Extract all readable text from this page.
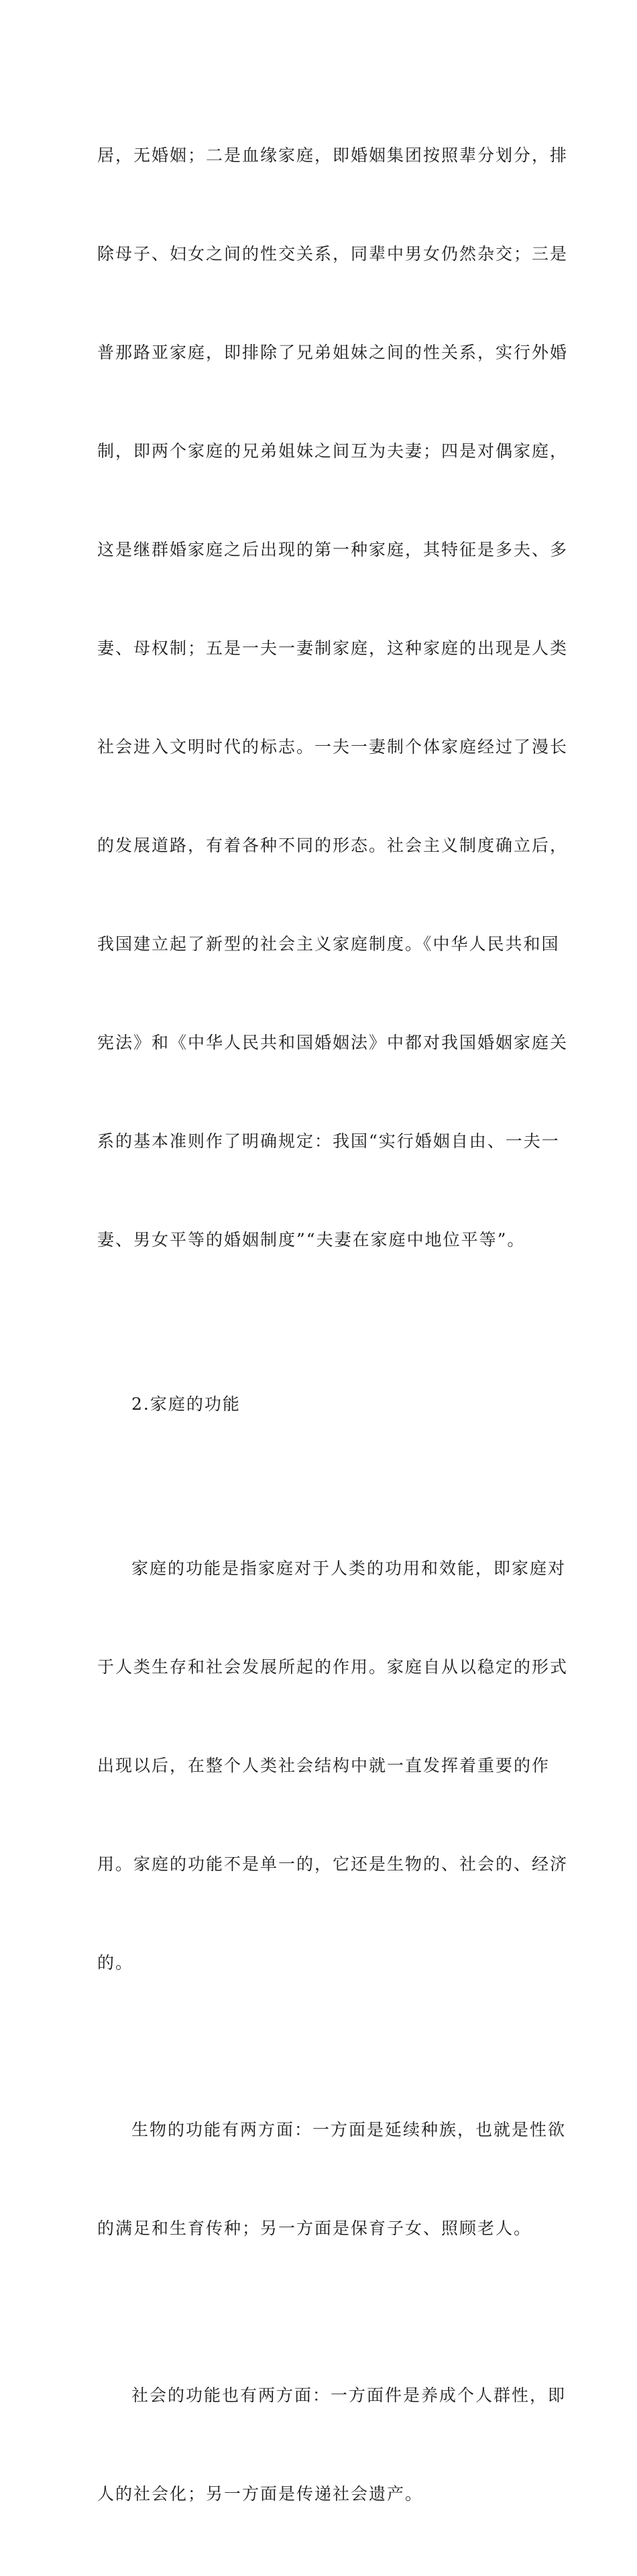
居，无婚姻；二是血缘家庭，即婚姻集团按照辈分划分，排

除母子、妇女之间的性交关系，同辈中男女仍然杂交；三是

普那路亚家庭，即排除了兄弟姐妹之间的性关系，实行外婚

制，即两个家庭的兄弟姐妹之间互为夫妻；四是对偶家庭，

这是继群婚家庭之后出现的第一种家庭，其特征是多夫、多

妻、母权制；五是一夫一妻制家庭，这种家庭的出现是人类

社会进入文明时代的标志。一夫一妻制个体家庭经过了漫长

的发展道路，有着各种不同的形态。社会主义制度确立后，

我国建立起了新型的社会主义家庭制度。《中华人民共和国

宪法》和《中华人民共和国婚姻法》中都对我国婚姻家庭关

系的基本准则作了明确规定：我国“实行婚姻自由、一夫一

妻、男女平等的婚姻制度”“夫妻在家庭中地位平等”。

2.家庭的功能

家庭的功能是指家庭对于人类的功用和效能，即家庭对

于人类生存和社会发展所起的作用。家庭自从以稳定的形式

出现以后，在整个人类社会结构中就一直发挥着重要的作

用。家庭的功能不是单一的，它还是生物的、社会的、经济

的。

生物的功能有两方面：一方面是延续种族，也就是性欲

的满足和生育传种；另一方面是保育子女、照顾老人。

社会的功能也有两方面：一方面件是养成个人群性，即

人的社会化；另一方面是传递社会遗产。
